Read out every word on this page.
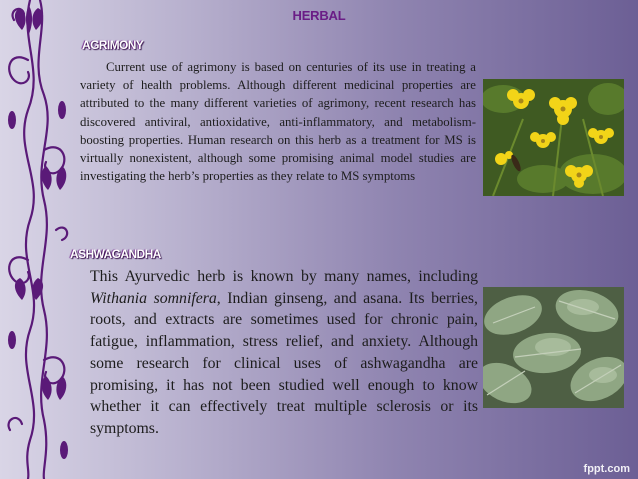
HERBAL
AGRIMONY

Current use of agrimony is based on centuries of its use in treating a variety of health problems. Although different medicinal properties are attributed to the many different varieties of agrimony, recent research has discovered antiviral, antioxidative, anti-inflammatory, and metabolism-boosting properties. Human research on this herb as a treatment for MS is virtually nonexistent, although some promising animal model studies are investigating the herb’s properties as they relate to MS symptoms

ASHWAGANDHA

This Ayurvedic herb is known by many names, including Withania somnifera, Indian ginseng, and asana. Its berries, roots, and extracts are sometimes used for chronic pain, fatigue, inflammation, stress relief, and anxiety. Although some research for clinical uses of ashwagandha are promising, it has not been studied well enough to know whether it can effectively treat multiple sclerosis or its symptoms.

fppt.com
